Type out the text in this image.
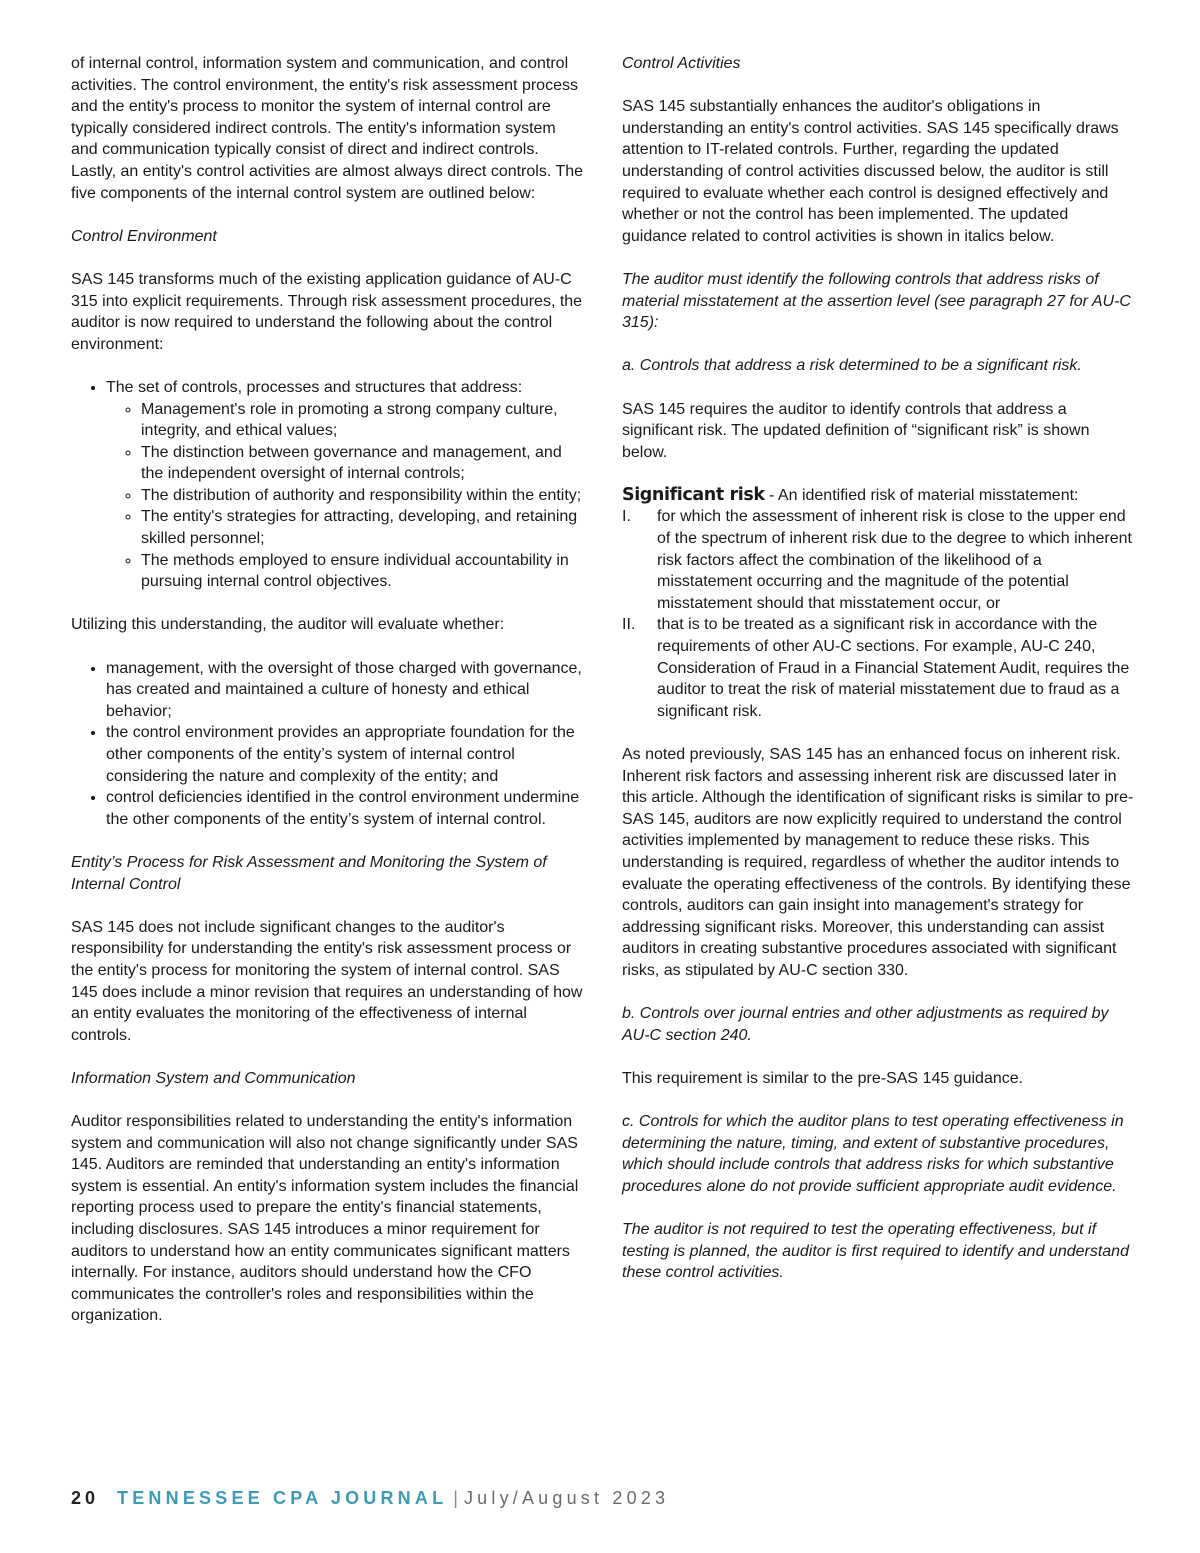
of internal control, information system and communication, and control activities. The control environment, the entity's risk assessment process and the entity's process to monitor the system of internal control are typically considered indirect controls. The entity's information system and communication typically consist of direct and indirect controls. Lastly, an entity's control activities are almost always direct controls. The five components of the internal control system are outlined below:

Control Environment

SAS 145 transforms much of the existing application guidance of AU-C 315 into explicit requirements. Through risk assessment procedures, the auditor is now required to understand the following about the control environment:

• The set of controls, processes and structures that address:
◦ Management's role in promoting a strong company culture, integrity, and ethical values;
◦ The distinction between governance and management, and the independent oversight of internal controls;
◦ The distribution of authority and responsibility within the entity;
◦ The entity's strategies for attracting, developing, and retaining skilled personnel;
◦ The methods employed to ensure individual accountability in pursuing internal control objectives.

Utilizing this understanding, the auditor will evaluate whether:

• management, with the oversight of those charged with governance, has created and maintained a culture of honesty and ethical behavior;
• the control environment provides an appropriate foundation for the other components of the entity’s system of internal control considering the nature and complexity of the entity; and
• control deficiencies identified in the control environment undermine the other components of the entity’s system of internal control.

Entity’s Process for Risk Assessment and Monitoring the System of Internal Control

SAS 145 does not include significant changes to the auditor's responsibility for understanding the entity's risk assessment process or the entity's process for monitoring the system of internal control. SAS 145 does include a minor revision that requires an understanding of how an entity evaluates the monitoring of the effectiveness of internal controls.

Information System and Communication

Auditor responsibilities related to understanding the entity's information system and communication will also not change significantly under SAS 145. Auditors are reminded that understanding an entity's information system is essential. An entity's information system includes the financial reporting process used to prepare the entity's financial statements, including disclosures. SAS 145 introduces a minor requirement for auditors to understand how an entity communicates significant matters internally. For instance, auditors should understand how the CFO communicates the controller's roles and responsibilities within the organization.

Control Activities

SAS 145 substantially enhances the auditor's obligations in understanding an entity's control activities. SAS 145 specifically draws attention to IT-related controls. Further, regarding the updated understanding of control activities discussed below, the auditor is still required to evaluate whether each control is designed effectively and whether or not the control has been implemented. The updated guidance related to control activities is shown in italics below.

The auditor must identify the following controls that address risks of material misstatement at the assertion level (see paragraph 27 for AU-C 315):

a. Controls that address a risk determined to be a significant risk.

SAS 145 requires the auditor to identify controls that address a significant risk. The updated definition of “significant risk” is shown below.

Significant risk - An identified risk of material misstatement:
I. for which the assessment of inherent risk is close to the upper end of the spectrum of inherent risk due to the degree to which inherent risk factors affect the combination of the likelihood of a misstatement occurring and the magnitude of the potential misstatement should that misstatement occur, or
II. that is to be treated as a significant risk in accordance with the requirements of other AU-C sections. For example, AU-C 240, Consideration of Fraud in a Financial Statement Audit, requires the auditor to treat the risk of material misstatement due to fraud as a significant risk.

As noted previously, SAS 145 has an enhanced focus on inherent risk. Inherent risk factors and assessing inherent risk are discussed later in this article. Although the identification of significant risks is similar to pre-SAS 145, auditors are now explicitly required to understand the control activities implemented by management to reduce these risks. This understanding is required, regardless of whether the auditor intends to evaluate the operating effectiveness of the controls. By identifying these controls, auditors can gain insight into management's strategy for addressing significant risks. Moreover, this understanding can assist auditors in creating substantive procedures associated with significant risks, as stipulated by AU-C section 330.

b. Controls over journal entries and other adjustments as required by AU-C section 240.

This requirement is similar to the pre-SAS 145 guidance.

c. Controls for which the auditor plans to test operating effectiveness in determining the nature, timing, and extent of substantive procedures, which should include controls that address risks for which substantive procedures alone do not provide sufficient appropriate audit evidence.

The auditor is not required to test the operating effectiveness, but if testing is planned, the auditor is first required to identify and understand these control activities.

20 TENNESSEE CPA JOURNAL | July/August 2023
